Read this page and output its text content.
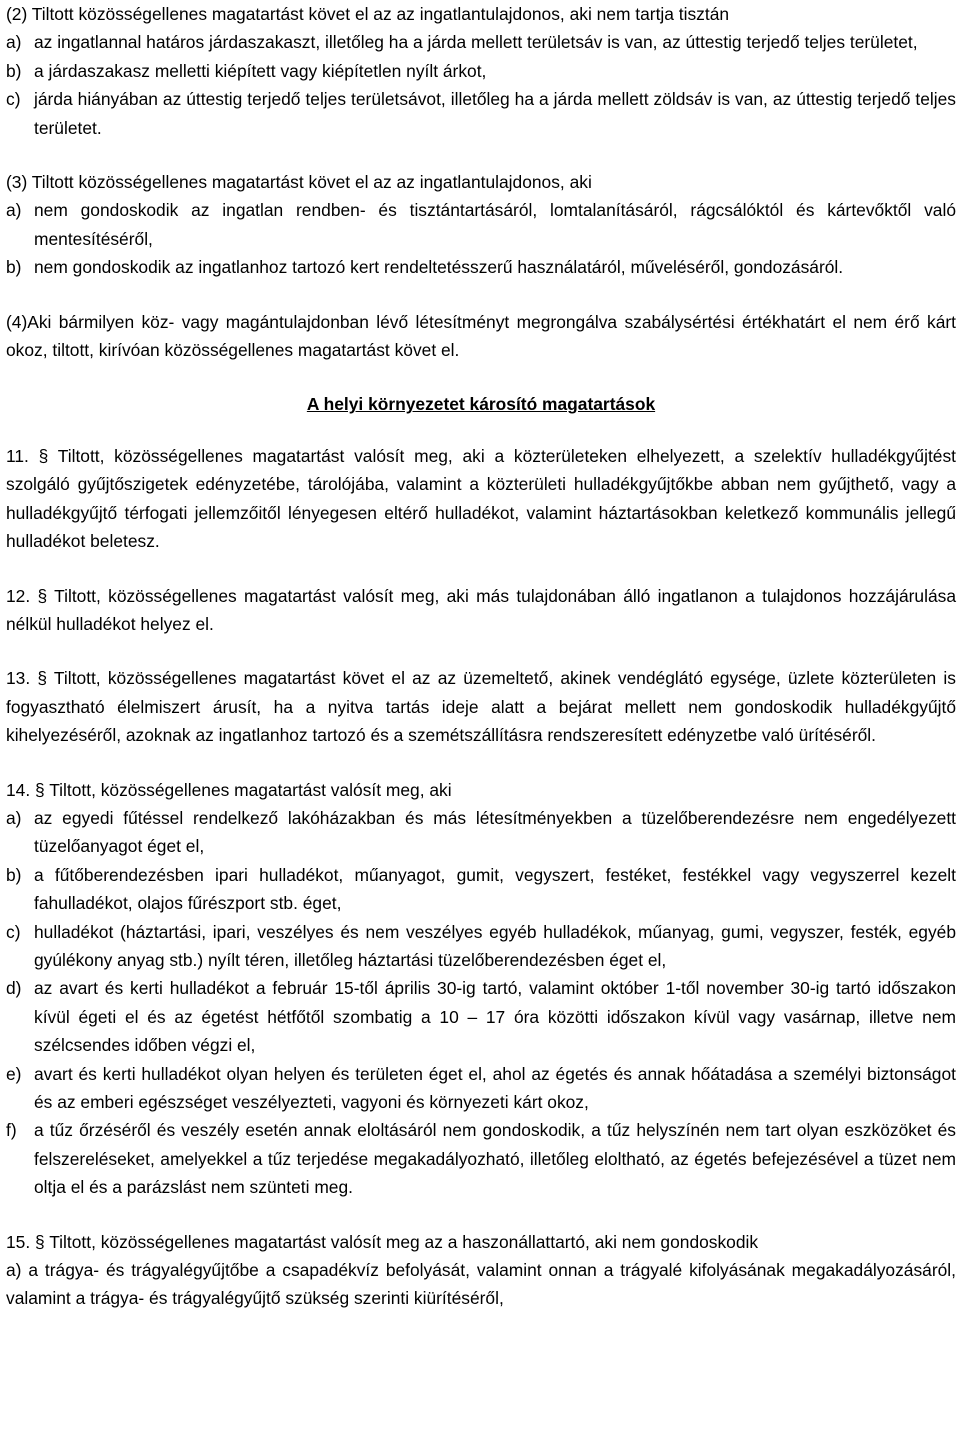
(2) Tiltott közösségellenes magatartást követ el az az ingatlantulajdonos, aki nem tartja tisztán

a) az ingatlannal határos járdaszakaszt, illetőleg ha a járda mellett területsáv is van, az úttestig terjedő teljes területet,
b) a járdaszakasz melletti kiépített vagy kiépítetlen nyílt árkot,
c) járda hiányában az úttestig terjedő teljes területsávot, illetőleg ha a járda mellett zöldsáv is van, az úttestig terjedő teljes területet.

(3) Tiltott közösségellenes magatartást követ el az az ingatlantulajdonos, aki

a) nem gondoskodik az ingatlan rendben- és tisztántartásáról, lomtalanításáról, rágcsálóktól és kártevőktől való mentesítéséről,
b) nem gondoskodik az ingatlanhoz tartozó kert rendeltetésszerű használatáról, műveléséről, gondozásáról.

(4)Aki bármilyen köz- vagy magántulajdonban lévő létesítményt megrongálva szabálysértési értékhatárt el nem érő kárt okoz, tiltott, kirívóan közösségellenes magatartást követ el.

A helyi környezetet károsító magatartások

11. § Tiltott, közösségellenes magatartást valósít meg, aki a közterületeken elhelyezett, a szelektív hulladékgyűjtést szolgáló gyűjtőszigetek edényzetébe, tárolójába, valamint a közterületi hulladékgyűjtőkbe abban nem gyűjthető, vagy a hulladékgyűjtő térfogati jellemzőitől lényegesen eltérő hulladékot, valamint háztartásokban keletkező kommunális jellegű hulladékot beletesz.

12. § Tiltott, közösségellenes magatartást valósít meg, aki más tulajdonában álló ingatlanon a tulajdonos hozzájárulása nélkül hulladékot helyez el.

13. § Tiltott, közösségellenes magatartást követ el az az üzemeltető, akinek vendéglátó egysége, üzlete közterületen is fogyasztható élelmiszert árusít, ha a nyitva tartás ideje alatt a bejárat mellett nem gondoskodik hulladékgyűjtő kihelyezéséről, azoknak az ingatlanhoz tartozó és a szemétszállításra rendszeresített edényzetbe való ürítéséről.

14. § Tiltott, közösségellenes magatartást valósít meg, aki

a) az egyedi fűtéssel rendelkező lakóházakban és más létesítményekben a tüzelőberendezésre nem engedélyezett tüzelőanyagot éget el,
b) a fűtőberendezésben ipari hulladékot, műanyagot, gumit, vegyszert, festéket, festékkel vagy vegyszerrel kezelt fahulladékot, olajos fűrészport stb. éget,
c) hulladékot (háztartási, ipari, veszélyes és nem veszélyes egyéb hulladékok, műanyag, gumi, vegyszer, festék, egyéb gyúlékony anyag stb.) nyílt téren, illetőleg háztartási tüzelőberendezésben éget el,
d) az avart és kerti hulladékot a február 15-től április 30-ig tartó, valamint október 1-től november 30-ig tartó időszakon kívül égeti el és az égetést hétfőtől szombatig a 10 – 17 óra közötti időszakon kívül vagy vasárnap, illetve nem szélcsendes időben végzi el,
e) avart és kerti hulladékot olyan helyen és területen éget el, ahol az égetés és annak hőátadása a személyi biztonságot és az emberi egészséget veszélyezteti, vagyoni és környezeti kárt okoz,
f) a tűz őrzéséről és veszély esetén annak eloltásáról nem gondoskodik, a tűz helyszínén nem tart olyan eszközöket és felszereléseket, amelyekkel a tűz terjedése megakadályozható, illetőleg eloltható, az égetés befejezésével a tüzet nem oltja el és a parázslást nem szünteti meg.

15. § Tiltott, közösségellenes magatartást valósít meg az a haszonállattartó, aki nem gondoskodik

a) a trágya- és trágyalégyűjtőbe a csapadékvíz befolyását, valamint onnan a trágyalé kifolyásának megakadályozásáról, valamint a trágya- és trágyalégyűjtő szükség szerinti kiürítéséről,
